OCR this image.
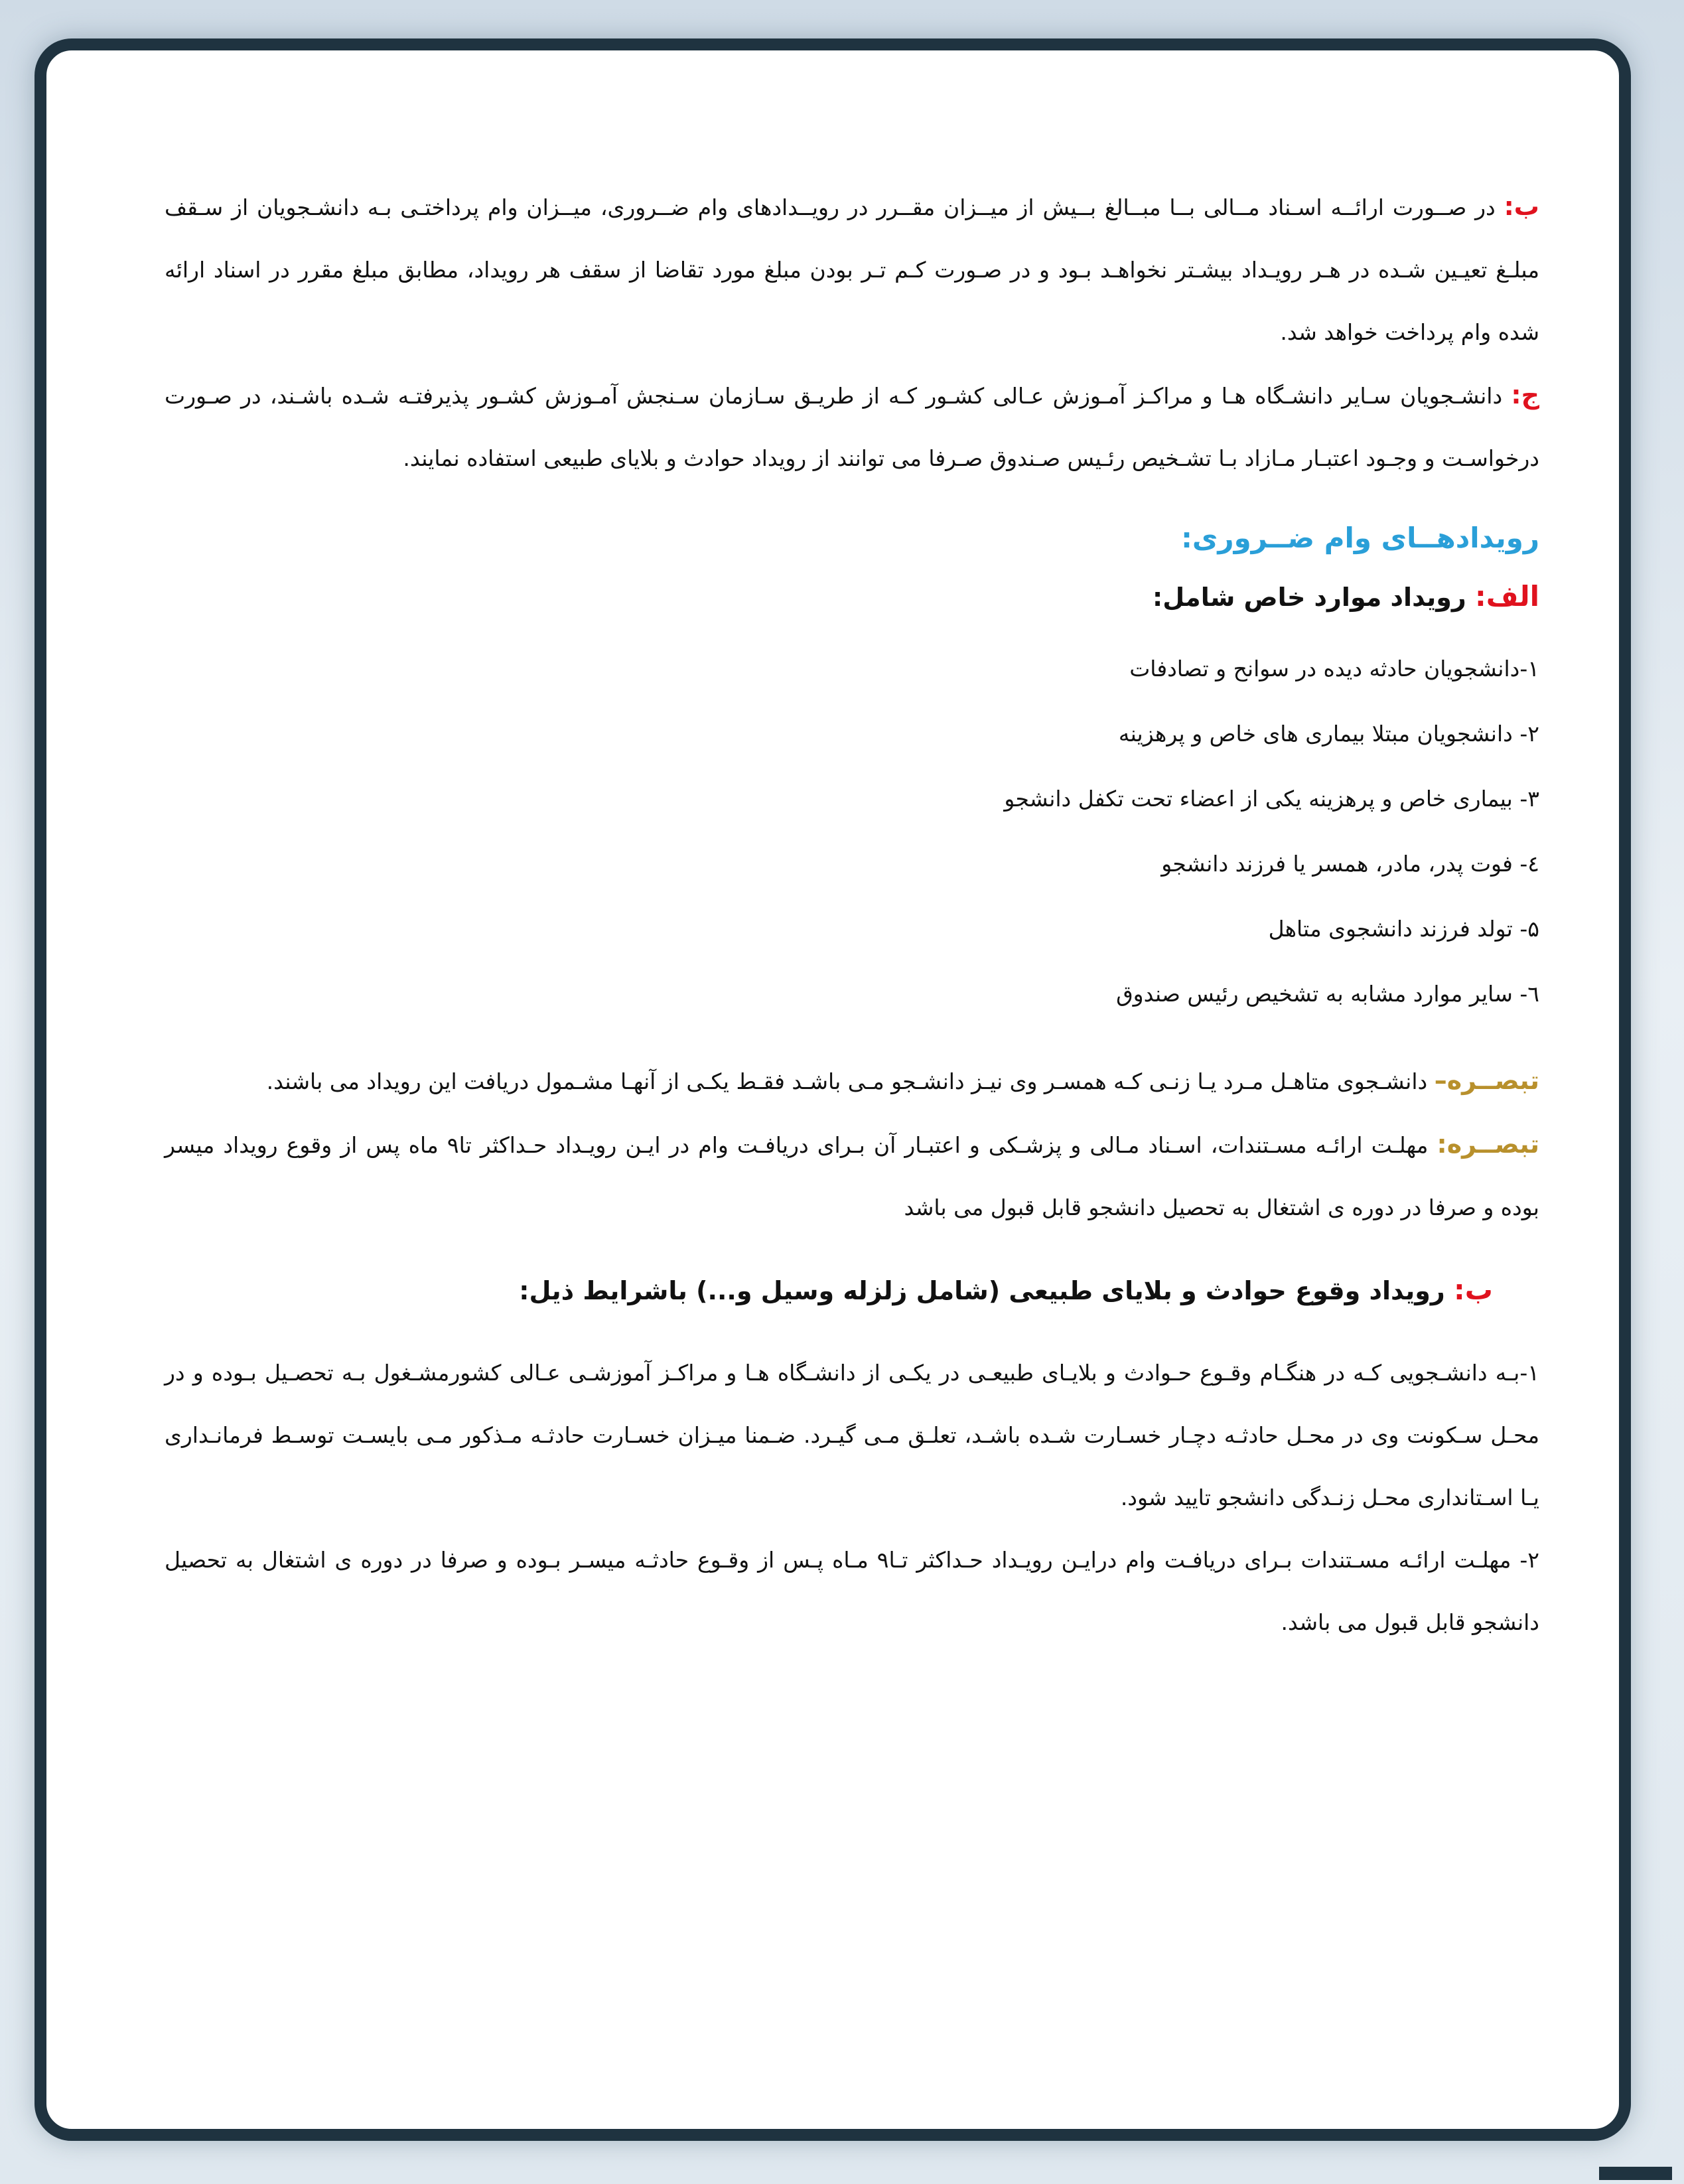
ب: در صــورت ارائــه اسـناد مــالی بــا مبــالغ بــیش از میــزان مقــرر در رویــدادهای وام ضــروری، میــزان وام پرداختـی بـه دانشـجویان از سـقف مبلـغ تعیـین شـده در هـر رویـداد بیشـتر نخواهـد بـود و در صـورت کـم تـر بودن مبلغ مورد تقاضا از سقف هر رویداد، مطابق مبلغ مقرر در اسناد ارائه شده وام پرداخت خواهد شد.

ج: دانشـجویان سـایر دانشـگاه هـا و مراکـز آمـوزش عـالی کشـور کـه از طریـق سـازمان سـنجش آمـوزش کشـور پذیرفتـه شـده باشـند، در صـورت درخواسـت و وجـود اعتبـار مـازاد بـا تشـخیص رئـیس صـندوق صـرفا می توانند از رویداد حوادث و بلایای طبیعی استفاده نمایند.

رویدادهــای وام ضــروری:

الف: رویداد موارد خاص شامل:

۱-دانشجویان حادثه دیده در سوانح و تصادفات

۲- دانشجویان مبتلا بیماری های خاص و پرهزینه

۳- بیماری خاص و پرهزینه یکی از اعضاء تحت تکفل دانشجو

٤- فوت پدر، مادر، همسر یا فرزند دانشجو

۵- تولد فرزند دانشجوی متاهل

٦- سایر موارد مشابه به تشخیص رئیس صندوق

تبصــره– دانشـجوی متاهـل مـرد یـا زنـی کـه همسـر وی نیـز دانشـجو مـی باشـد فقـط یکـی از آنهـا مشـمول دریافت این رویداد می باشند.

تبصــره: مهلـت ارائـه مسـتندات، اسـناد مـالی و پزشـکی و اعتبـار آن بـرای دریافـت وام در ایـن رویـداد حـداکثر تا۹ ماه پس از وقوع رویداد میسر بوده و صرفا در دوره ی اشتغال به تحصیل دانشجو قابل قبول می باشد

ب: رویداد وقوع حوادث و بلایای طبیعی (شامل زلزله وسیل و...) باشرایط ذیل:

۱-بـه دانشـجویی کـه در هنگـام وقـوع حـوادث و بلایـای طبیعـی در یکـی از دانشـگاه هـا و مراکـز آموزشـی عـالی کشورمشـغول بـه تحصـیل بـوده و در محـل سـکونت وی در محـل حادثـه دچـار خسـارت شـده باشـد، تعلـق مـی گیـرد. ضـمنا میـزان خسـارت حادثـه مـذکور مـی بایسـت توسـط فرمانـداری یـا اسـتانداری محـل زنـدگی دانشجو تایید شود.

۲- مهلـت ارائـه مسـتندات بـرای دریافـت وام درایـن رویـداد حـداکثر تـا۹ مـاه پـس از وقـوع حادثـه میسـر بـوده و صرفا در دوره ی اشتغال به تحصیل دانشجو قابل قبول می باشد.
